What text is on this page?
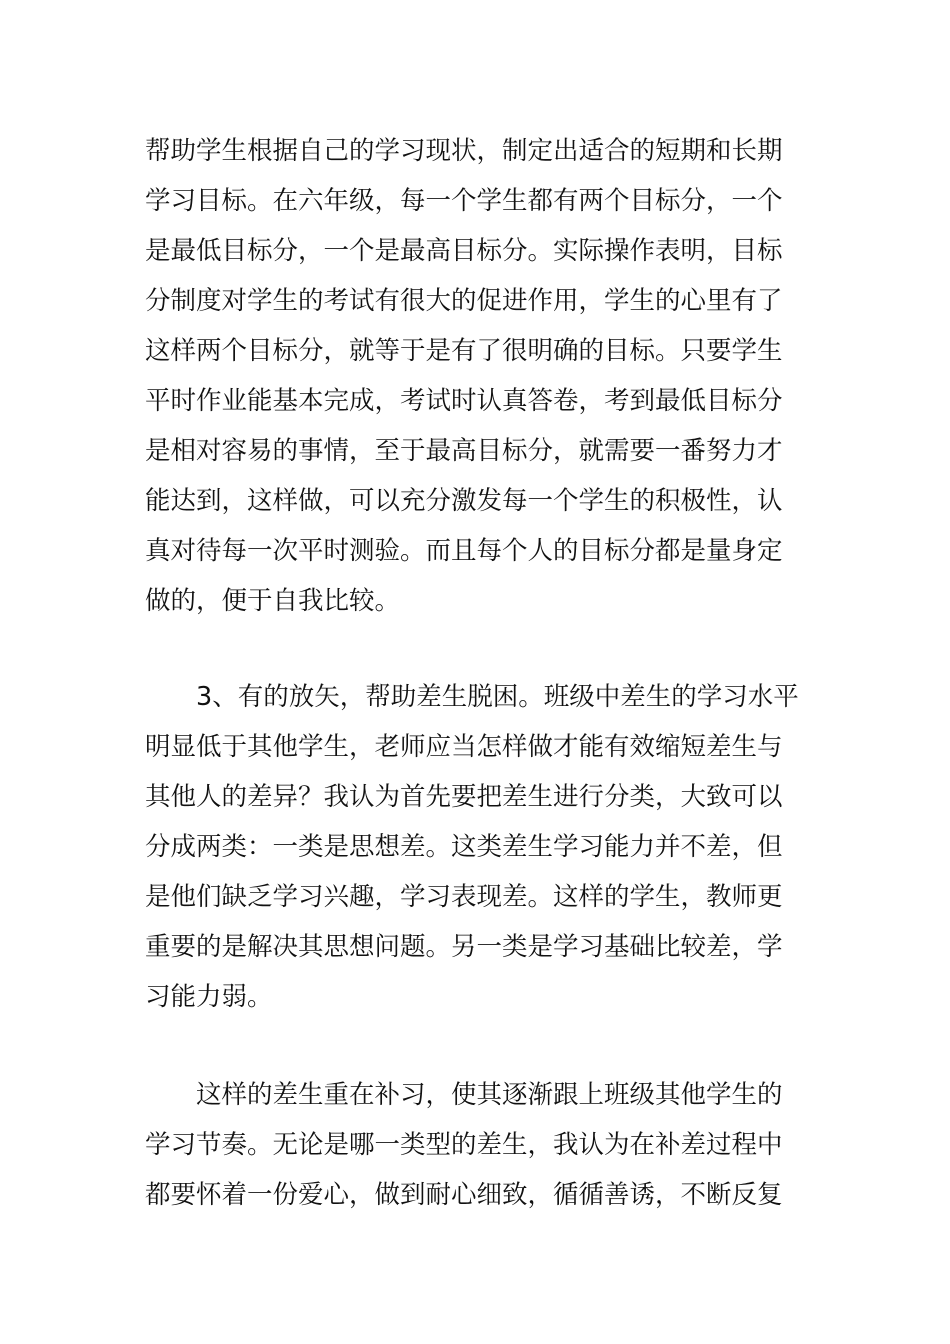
帮助学生根据自己的学习现状，制定出适合的短期和长期
学习目标。在六年级，每一个学生都有两个目标分，一个
是最低目标分，一个是最高目标分。实际操作表明，目标
分制度对学生的考试有很大的促进作用，学生的心里有了
这样两个目标分，就等于是有了很明确的目标。只要学生
平时作业能基本完成，考试时认真答卷，考到最低目标分
是相对容易的事情，至于最高目标分，就需要一番努力才
能达到，这样做，可以充分激发每一个学生的积极性，认
真对待每一次平时测验。而且每个人的目标分都是量身定
做的，便于自我比较。
　　3、有的放矢，帮助差生脱困。班级中差生的学习水平
明显低于其他学生，老师应当怎样做才能有效缩短差生与
其他人的差异？我认为首先要把差生进行分类，大致可以
分成两类：一类是思想差。这类差生学习能力并不差，但
是他们缺乏学习兴趣，学习表现差。这样的学生，教师更
重要的是解决其思想问题。另一类是学习基础比较差，学
习能力弱。
　　这样的差生重在补习，使其逐渐跟上班级其他学生的
学习节奏。无论是哪一类型的差生，我认为在补差过程中
都要怀着一份爱心，做到耐心细致，循循善诱，不断反复
